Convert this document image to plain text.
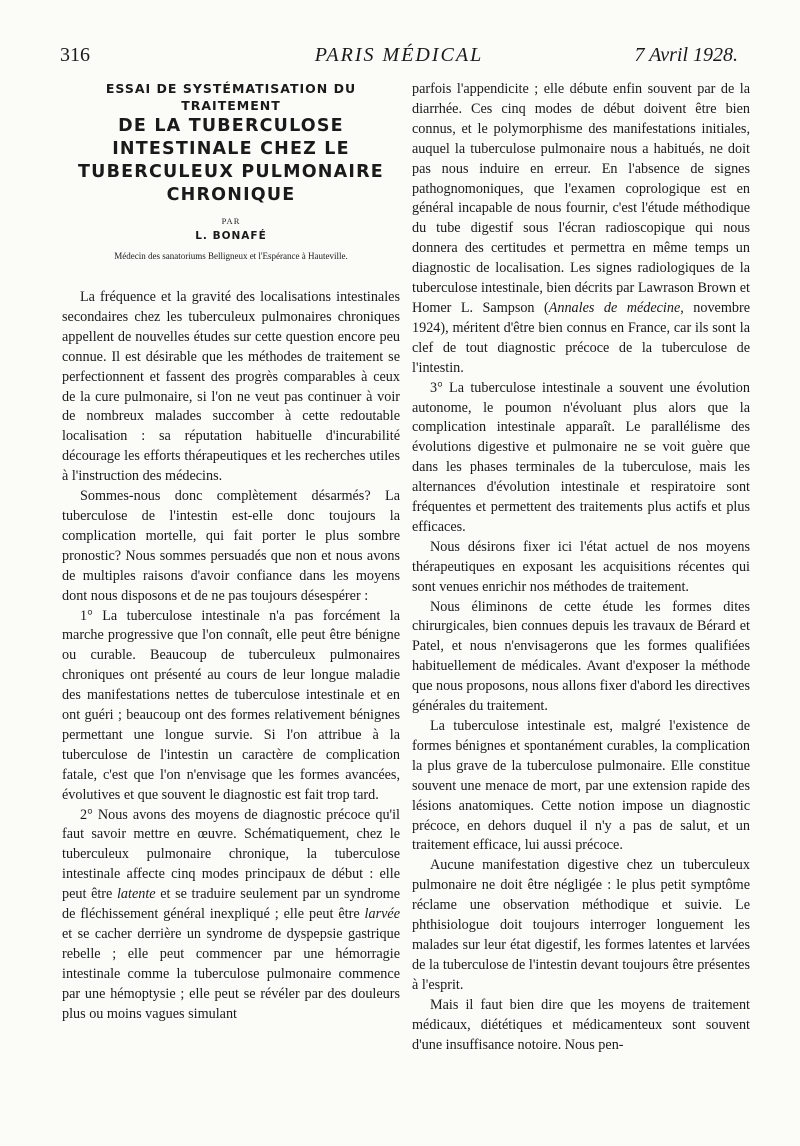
316	PARIS MÉDICAL	7 Avril 1928.
ESSAI DE SYSTÉMATISATION DU
TRAITEMENT
DE LA TUBERCULOSE
INTESTINALE CHEZ LE
TUBERCULEUX PULMONAIRE
CHRONIQUE
PAR
L. BONAFÉ
Médecin des sanatoriums Belligneux et l'Espérance à Hauteville.

La fréquence et la gravité des localisations intestinales secondaires chez les tuberculeux pulmonaires chroniques appellent de nouvelles études sur cette question encore peu connue. Il est désirable que les méthodes de traitement se perfectionnent et fassent des progrès comparables à ceux de la cure pulmonaire, si l'on ne veut pas continuer à voir de nombreux malades succomber à cette redoutable localisation : sa réputation habituelle d'incurabilité décourage les efforts thérapeutiques et les recherches utiles à l'instruction des médecins.

Sommes-nous donc complètement désarmés? La tuberculose de l'intestin est-elle donc toujours la complication mortelle, qui fait porter le plus sombre pronostic? Nous sommes persuadés que non et nous avons de multiples raisons d'avoir confiance dans les moyens dont nous disposons et de ne pas toujours désespérer :

1° La tuberculose intestinale n'a pas forcément la marche progressive que l'on connaît, elle peut être bénigne ou curable. Beaucoup de tuberculeux pulmonaires chroniques ont présenté au cours de leur longue maladie des manifestations nettes de tuberculose intestinale et en ont guéri ; beaucoup ont des formes relativement bénignes permettant une longue survie. Si l'on attribue à la tuberculose de l'intestin un caractère de complication fatale, c'est que l'on n'envisage que les formes avancées, évolutives et que souvent le diagnostic est fait trop tard.

2° Nous avons des moyens de diagnostic précoce qu'il faut savoir mettre en œuvre. Schématiquement, chez le tuberculeux pulmonaire chronique, la tuberculose intestinale affecte cinq modes principaux de début : elle peut être latente et se traduire seulement par un syndrome de fléchissement général inexpliqué ; elle peut être larvée et se cacher derrière un syndrome de dyspepsie gastrique rebelle ; elle peut commencer par une hémorragie intestinale comme la tuberculose pulmonaire commence par une hémoptysie ; elle peut se révéler par des douleurs plus ou moins vagues simulant

parfois l'appendicite ; elle débute enfin souvent par de la diarrhée. Ces cinq modes de début doivent être bien connus, et le polymorphisme des manifestations initiales, auquel la tuberculose pulmonaire nous a habitués, ne doit pas nous induire en erreur. En l'absence de signes pathognomoniques, que l'examen coprologique est en général incapable de nous fournir, c'est l'étude méthodique du tube digestif sous l'écran radioscopique qui nous donnera des certitudes et permettra en même temps un diagnostic de localisation. Les signes radiologiques de la tuberculose intestinale, bien décrits par Lawrason Brown et Homer L. Sampson (Annales de médecine, novembre 1924), méritent d'être bien connus en France, car ils sont la clef de tout diagnostic précoce de la tuberculose de l'intestin.

3° La tuberculose intestinale a souvent une évolution autonome, le poumon n'évoluant plus alors que la complication intestinale apparaît. Le parallélisme des évolutions digestive et pulmonaire ne se voit guère que dans les phases terminales de la tuberculose, mais les alternances d'évolution intestinale et respiratoire sont fréquentes et permettent des traitements plus actifs et plus efficaces.

Nous désirons fixer ici l'état actuel de nos moyens thérapeutiques en exposant les acquisitions récentes qui sont venues enrichir nos méthodes de traitement.

Nous éliminons de cette étude les formes dites chirurgicales, bien connues depuis les travaux de Bérard et Patel, et nous n'envisagerons que les formes qualifiées habituellement de médicales. Avant d'exposer la méthode que nous proposons, nous allons fixer d'abord les directives générales du traitement.

La tuberculose intestinale est, malgré l'existence de formes bénignes et spontanément curables, la complication la plus grave de la tuberculose pulmonaire. Elle constitue souvent une menace de mort, par une extension rapide des lésions anatomiques. Cette notion impose un diagnostic précoce, en dehors duquel il n'y a pas de salut, et un traitement efficace, lui aussi précoce.

Aucune manifestation digestive chez un tuberculeux pulmonaire ne doit être négligée : le plus petit symptôme réclame une observation méthodique et suivie. Le phthisiologue doit toujours interroger longuement les malades sur leur état digestif, les formes latentes et larvées de la tuberculose de l'intestin devant toujours être présentes à l'esprit.

Mais il faut bien dire que les moyens de traitement médicaux, diététiques et médicamenteux sont souvent d'une insuffisance notoire. Nous pen-
